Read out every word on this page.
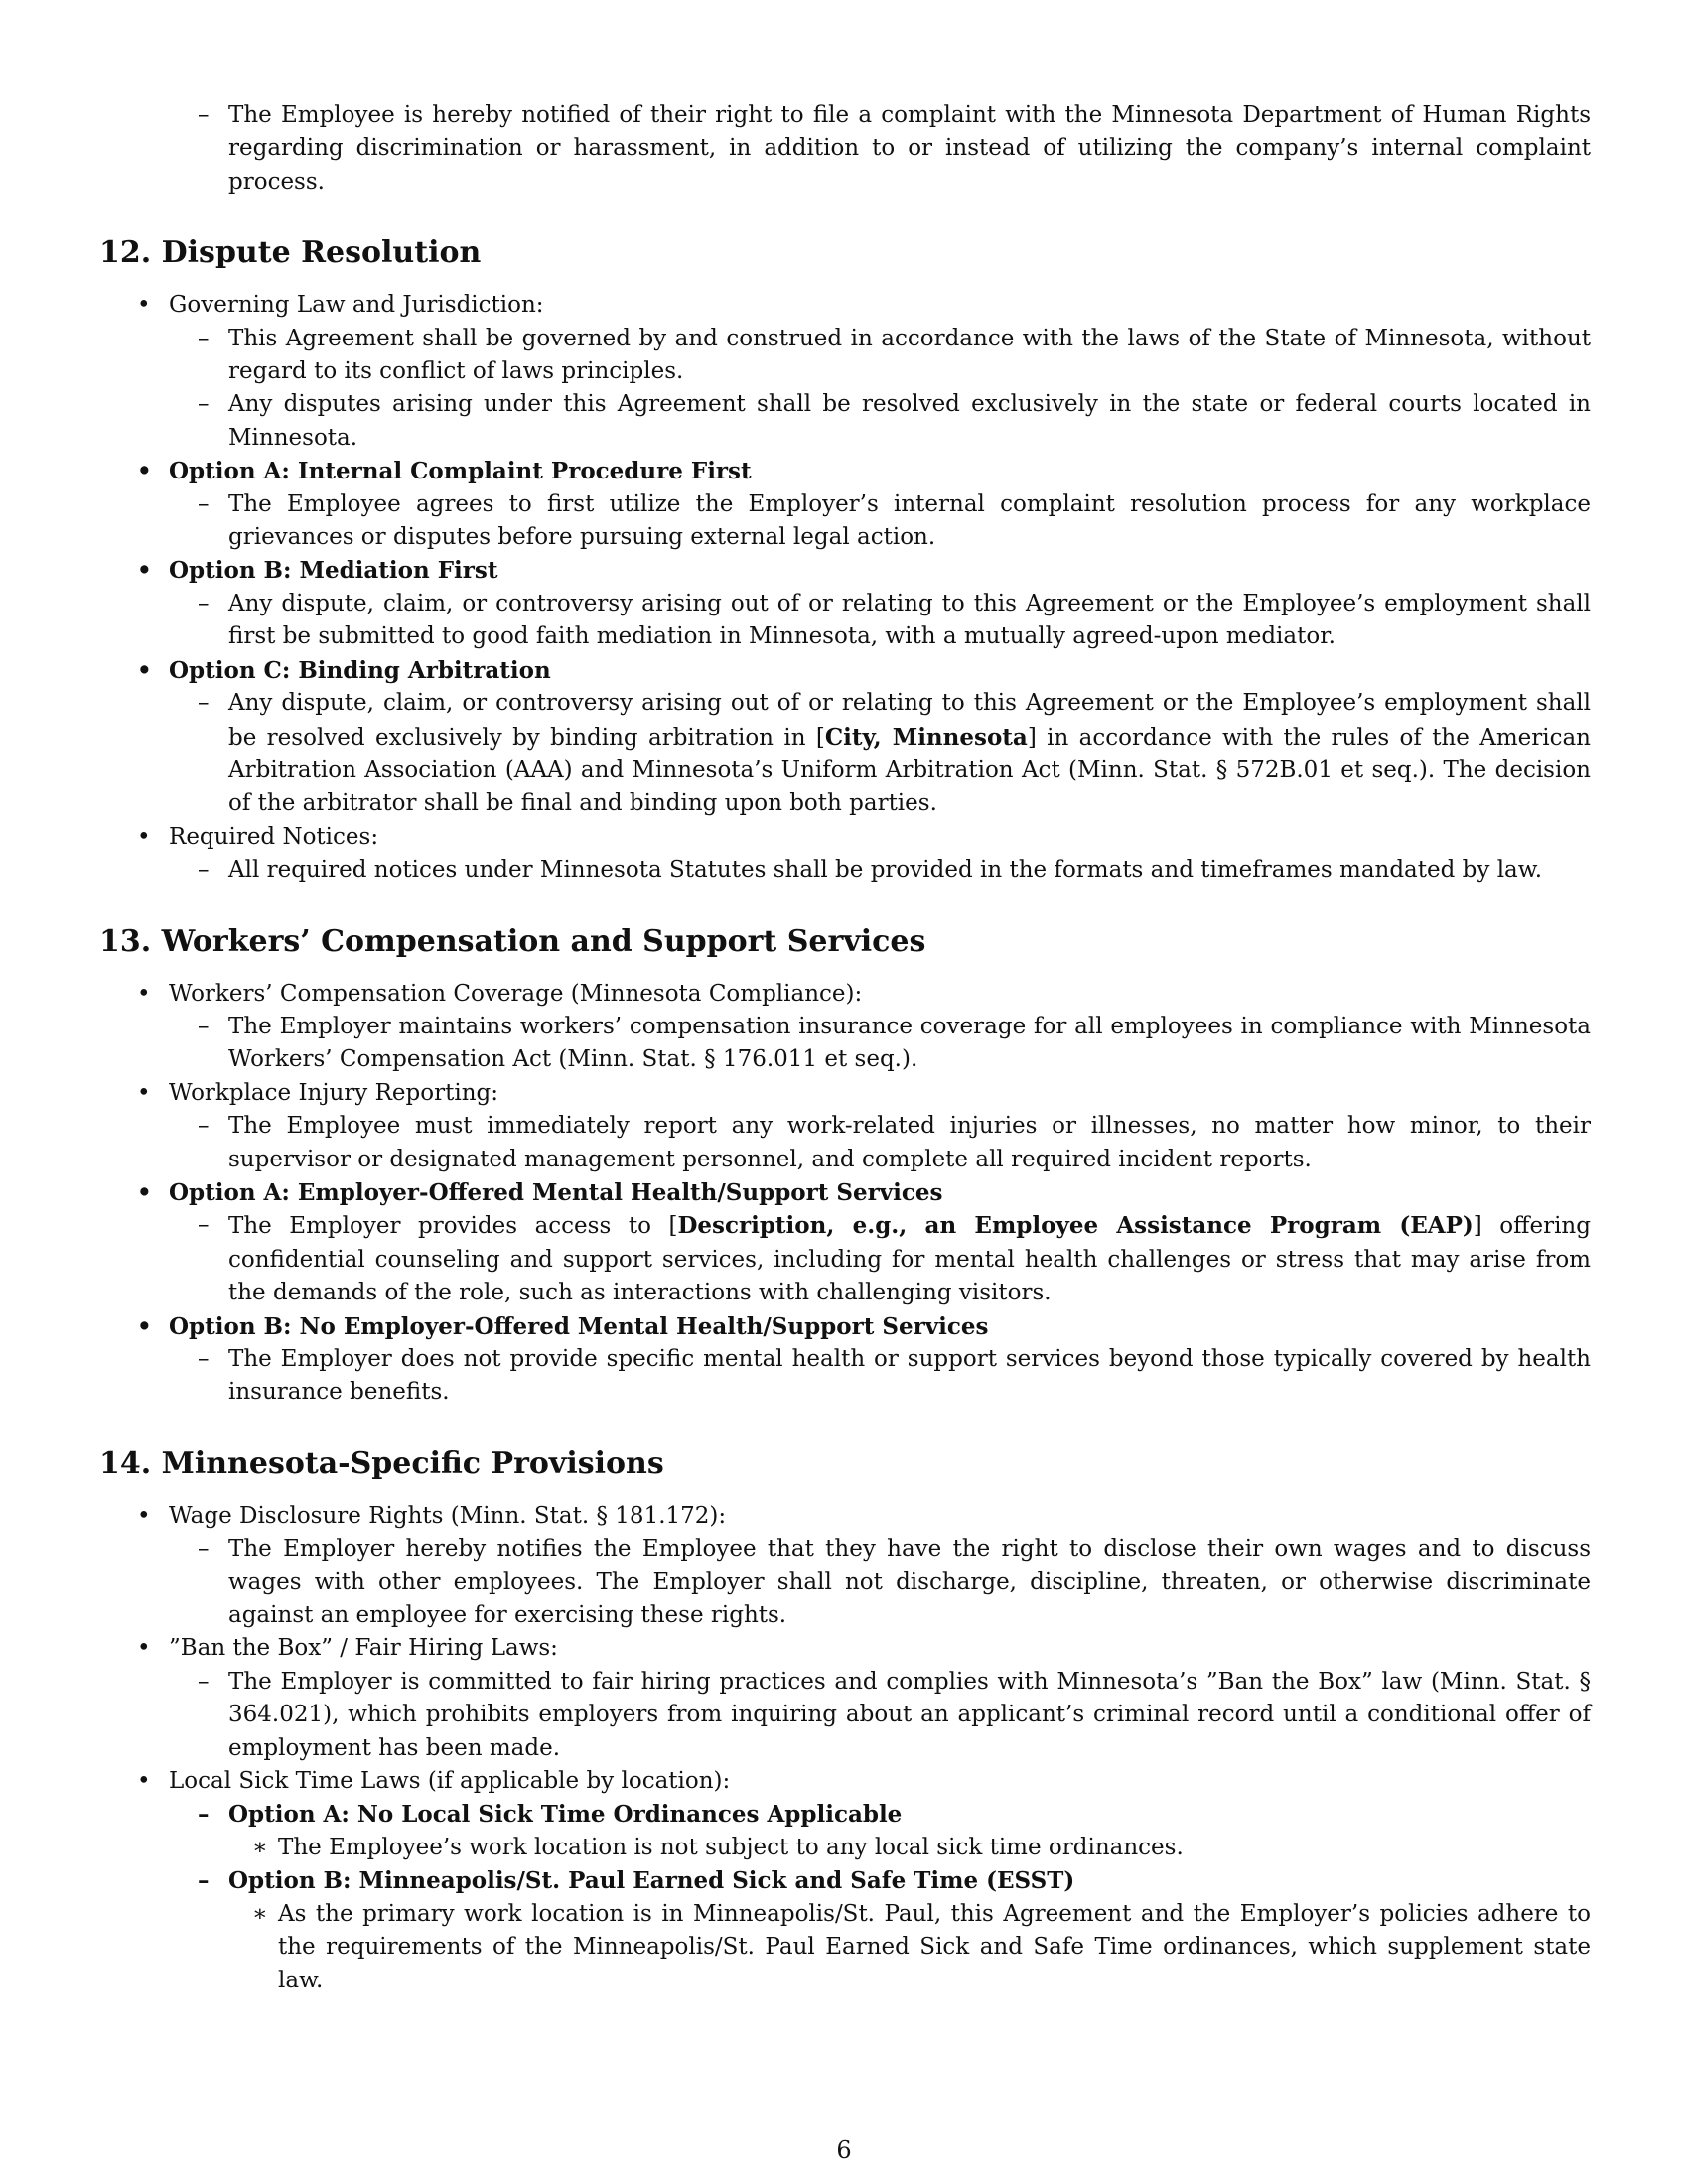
– The Employee is hereby notified of their right to file a complaint with the Minnesota Department of Human Rights regarding discrimination or harassment, in addition to or instead of utilizing the company’s internal complaint process.
12. Dispute Resolution
• Governing Law and Jurisdiction:
– This Agreement shall be governed by and construed in accordance with the laws of the State of Minnesota, without regard to its conflict of laws principles.
– Any disputes arising under this Agreement shall be resolved exclusively in the state or federal courts located in Minnesota.
• Option A: Internal Complaint Procedure First
– The Employee agrees to first utilize the Employer’s internal complaint resolution process for any workplace grievances or disputes before pursuing external legal action.
• Option B: Mediation First
– Any dispute, claim, or controversy arising out of or relating to this Agreement or the Employee’s employment shall first be submitted to good faith mediation in Minnesota, with a mutually agreed-upon mediator.
• Option C: Binding Arbitration
– Any dispute, claim, or controversy arising out of or relating to this Agreement or the Employee’s employment shall be resolved exclusively by binding arbitration in [City, Minnesota] in accordance with the rules of the American Arbitration Association (AAA) and Minnesota’s Uniform Arbitration Act (Minn. Stat. § 572B.01 et seq.). The decision of the arbitrator shall be final and binding upon both parties.
• Required Notices:
– All required notices under Minnesota Statutes shall be provided in the formats and timeframes mandated by law.
13. Workers’ Compensation and Support Services
• Workers’ Compensation Coverage (Minnesota Compliance):
– The Employer maintains workers’ compensation insurance coverage for all employees in compliance with Minnesota Workers’ Compensation Act (Minn. Stat. § 176.011 et seq.).
• Workplace Injury Reporting:
– The Employee must immediately report any work-related injuries or illnesses, no matter how minor, to their supervisor or designated management personnel, and complete all required incident reports.
• Option A: Employer-Offered Mental Health/Support Services
– The Employer provides access to [Description, e.g., an Employee Assistance Program (EAP)] offering confidential counseling and support services, including for mental health challenges or stress that may arise from the demands of the role, such as interactions with challenging visitors.
• Option B: No Employer-Offered Mental Health/Support Services
– The Employer does not provide specific mental health or support services beyond those typically covered by health insurance benefits.
14. Minnesota-Specific Provisions
• Wage Disclosure Rights (Minn. Stat. § 181.172):
– The Employer hereby notifies the Employee that they have the right to disclose their own wages and to discuss wages with other employees. The Employer shall not discharge, discipline, threaten, or otherwise discriminate against an employee for exercising these rights.
• ”Ban the Box” / Fair Hiring Laws:
– The Employer is committed to fair hiring practices and complies with Minnesota’s ”Ban the Box” law (Minn. Stat. § 364.021), which prohibits employers from inquiring about an applicant’s criminal record until a conditional offer of employment has been made.
• Local Sick Time Laws (if applicable by location):
– Option A: No Local Sick Time Ordinances Applicable
∗ The Employee’s work location is not subject to any local sick time ordinances.
– Option B: Minneapolis/St. Paul Earned Sick and Safe Time (ESST)
∗ As the primary work location is in Minneapolis/St. Paul, this Agreement and the Employer’s policies adhere to the requirements of the Minneapolis/St. Paul Earned Sick and Safe Time ordinances, which supplement state law.
6
